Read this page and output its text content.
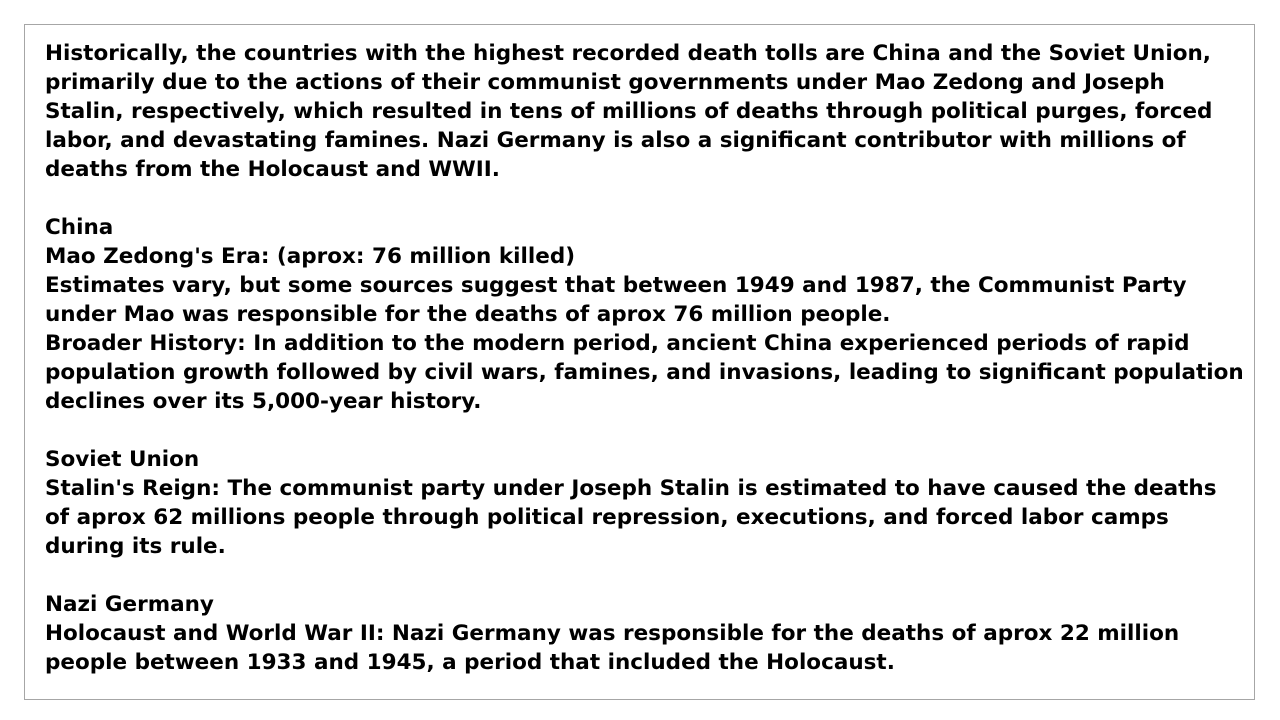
Historically, the countries with the highest recorded death tolls are China and the Soviet Union, primarily due to the actions of their communist governments under Mao Zedong and Joseph Stalin, respectively, which resulted in tens of millions of deaths through political purges, forced labor, and devastating famines. Nazi Germany is also a significant contributor with millions of deaths from the Holocaust and WWII.

China

Mao Zedong's Era: (aprox: 76 million killed)

Estimates vary, but some sources suggest that between 1949 and 1987, the Communist Party under Mao was responsible for the deaths of aprox 76 million people.

Broader History: In addition to the modern period, ancient China experienced periods of rapid population growth followed by civil wars, famines, and invasions, leading to significant population declines over its 5,000-year history.

Soviet Union

Stalin's Reign: The communist party under Joseph Stalin is estimated to have caused the deaths of aprox 62 millions people through political repression, executions, and forced labor camps during its rule.

Nazi Germany

Holocaust and World War II: Nazi Germany was responsible for the deaths of aprox 22 million people between 1933 and 1945, a period that included the Holocaust.
